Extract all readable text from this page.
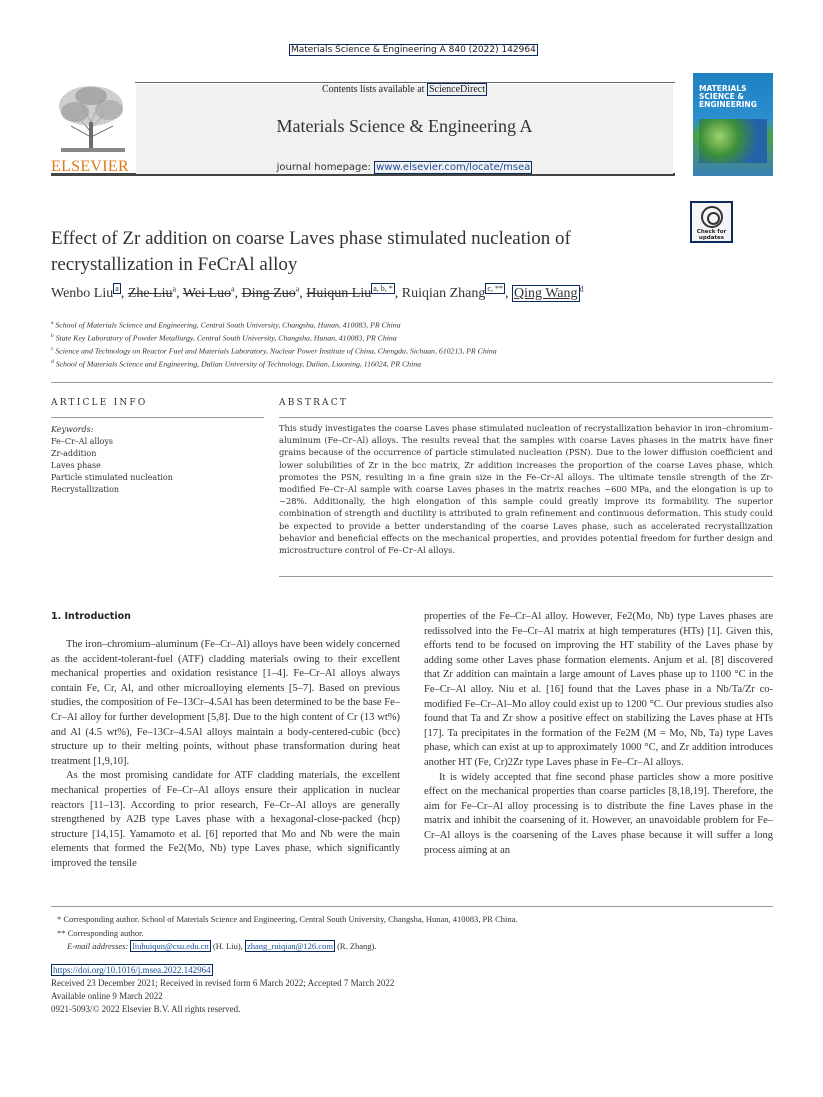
Materials Science & Engineering A 840 (2022) 142964
ELSEVIER
Contents lists available at ScienceDirect
Materials Science & Engineering A
journal homepage: www.elsevier.com/locate/msea
MATERIALS SCIENCE & ENGINEERING
Check for updates
Effect of Zr addition on coarse Laves phase stimulated nucleation of recrystallization in FeCrAl alloy
Wenbo Liu $^a$ , Zhe Liu$^a$, Wei Luo$^a$, Ding Zuo$^a$, Huiqun Liu $^{a, b, *}$ , Ruiqian Zhang $^{c, **}$ , Qing Wang $^d$
$^a$ School of Materials Science and Engineering, Central South University, Changsha, Hunan, 410083, PR China
$^b$ State Key Laboratory of Powder Metallurgy, Central South University, Changsha, Hunan, 410083, PR China
$^c$ Science and Technology on Reactor Fuel and Materials Laboratory, Nuclear Power Institute of China, Chengdu, Sichuan, 610213, PR China
$^d$ School of Materials Science and Engineering, Dalian University of Technology, Dalian, Liaoning, 116024, PR China
ARTICLE INFO
Keywords:
Fe–Cr–Al alloys
Zr-addition
Laves phase
Particle stimulated nucleation
Recrystallization
ABSTRACT
This study investigates the coarse Laves phase stimulated nucleation of recrystallization behavior in iron–chromium–aluminum (Fe–Cr–Al) alloys. The results reveal that the samples with coarse Laves phases in the matrix have finer grains because of the occurrence of particle stimulated nucleation (PSN). Due to the lower diffusion coefficient and lower solubilities of Zr in the bcc matrix, Zr addition increases the proportion of the coarse Laves phase, which promotes the PSN, resulting in a fine grain size in the Fe–Cr–Al alloys. The ultimate tensile strength of the Zr-modified Fe–Cr–Al sample with coarse Laves phases in the matrix reaches ~600 MPa, and the elongation is up to ~28%. Additionally, the high elongation of this sample could greatly improve its formability. The superior combination of strength and ductility is attributed to grain refinement and continuous deformation. This study could be expected to provide a better understanding of the coarse Laves phase, such as accelerated recrystallization behavior and beneficial effects on the mechanical properties, and provides potential freedom for further design and microstructure control of Fe–Cr–Al alloys.
1. Introduction

The iron–chromium–aluminum (Fe–Cr–Al) alloys have been widely concerned as the accident-tolerant-fuel (ATF) cladding materials owing to their excellent mechanical properties and oxidation resistance [1–4]. Fe–Cr–Al alloys always contain Fe, Cr, Al, and other microalloying elements [5–7]. Based on previous studies, the composition of Fe–13Cr–4.5Al has been determined to be the base Fe–Cr–Al alloy for further development [5,8]. Due to the high content of Cr (13 wt%) and Al (4.5 wt%), Fe–13Cr–4.5Al alloys maintain a body-centered-cubic (bcc) structure up to their melting points, without phase transformation during heat treatment [1,9,10].

As the most promising candidate for ATF cladding materials, the excellent mechanical properties of Fe–Cr–Al alloys ensure their application in nuclear reactors [11–13]. According to prior research, Fe–Cr–Al alloys are generally strengthened by A2B type Laves phase with a hexagonal-close-packed (hcp) structure [14,15]. Yamamoto et al. [6] reported that Mo and Nb were the main elements that formed the Fe2(Mo, Nb) type Laves phase, which significantly improved the tensile

properties of the Fe–Cr–Al alloy. However, Fe2(Mo, Nb) type Laves phases are redissolved into the Fe–Cr–Al matrix at high temperatures (HTs) [1]. Given this, efforts tend to be focused on improving the HT stability of the Laves phase by adding some other Laves phase formation elements. Anjum et al. [8] discovered that Zr addition can maintain a large amount of Laves phase up to 1100 °C in the Fe–Cr–Al alloy. Niu et al. [16] found that the Laves phase in a Nb/Ta/Zr co-modified Fe–Cr–Al–Mo alloy could exist up to 1200 °C. Our previous studies also found that Ta and Zr show a positive effect on stabilizing the Laves phase at HTs [17]. Ta precipitates in the formation of the Fe2M (M = Mo, Nb, Ta) type Laves phase, which can exist at up to approximately 1000 °C, and Zr addition introduces another HT (Fe, Cr)2Zr type Laves phase in Fe–Cr–Al alloys.

It is widely accepted that fine second phase particles show a more positive effect on the mechanical properties than coarse particles [8,18,19]. Therefore, the aim for Fe–Cr–Al alloy processing is to distribute the fine Laves phase in the matrix and inhibit the coarsening of it. However, an unavoidable problem for Fe–Cr–Al alloys is the coarsening of the Laves phase because it will suffer a long process aiming at an

* Corresponding author. School of Materials Science and Engineering, Central South University, Changsha, Hunan, 410083, PR China.
** Corresponding author.
E-mail addresses: liuhuiqun@csu.edu.cn (H. Liu), zhang_ruiqian@126.com (R. Zhang).
https://doi.org/10.1016/j.msea.2022.142964
Received 23 December 2021; Received in revised form 6 March 2022; Accepted 7 March 2022
Available online 9 March 2022
0921-5093/© 2022 Elsevier B.V. All rights reserved.
